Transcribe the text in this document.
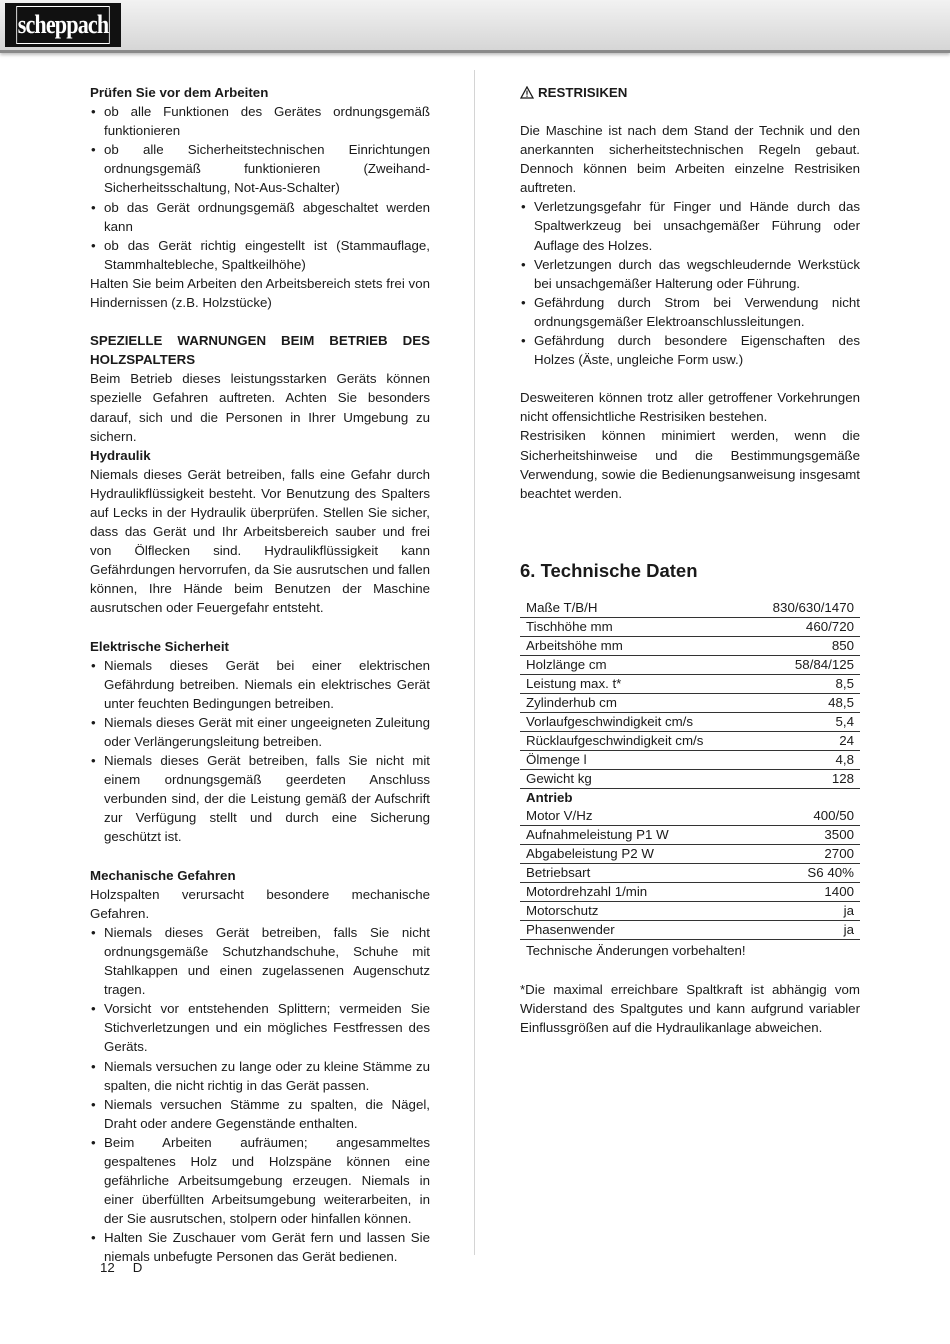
scheppach
Prüfen Sie vor dem Arbeiten
• ob alle Funktionen des Gerätes ordnungsgemäß funktionieren
• ob alle Sicherheitstechnischen Einrichtungen ordnungsgemäß funktionieren (Zweihand- Sicherheitsschaltung, Not-Aus-Schalter)
• ob das Gerät ordnungsgemäß abgeschaltet werden kann
• ob das Gerät richtig eingestellt ist (Stammauflage, Stammhaltebleche, Spaltkeilhöhe)
Halten Sie beim Arbeiten den Arbeitsbereich stets frei von Hindernissen (z.B. Holzstücke)
SPEZIELLE WARNUNGEN BEIM BETRIEB DES HOLZSPALTERS
Beim Betrieb dieses leistungsstarken Geräts können spezielle Gefahren auftreten. Achten Sie besonders darauf, sich und die Personen in Ihrer Umgebung zu sichern.
Hydraulik
Niemals dieses Gerät betreiben, falls eine Gefahr durch Hydraulikflüssigkeit besteht. Vor Benutzung des Spalters auf Lecks in der Hydraulik überprüfen. Stellen Sie sicher, dass das Gerät und Ihr Arbeitsbereich sauber und frei von Ölflecken sind. Hydraulikflüssigkeit kann Gefährdungen hervorrufen, da Sie ausrutschen und fallen können, Ihre Hände beim Benutzen der Maschine ausrutschen oder Feuergefahr entsteht.
Elektrische Sicherheit
• Niemals dieses Gerät bei einer elektrischen Gefährdung betreiben. Niemals ein elektrisches Gerät unter feuchten Bedingungen betreiben.
• Niemals dieses Gerät mit einer ungeeigneten Zuleitung oder Verlängerungsleitung betreiben.
• Niemals dieses Gerät betreiben, falls Sie nicht mit einem ordnungsgemäß geerdeten Anschluss verbunden sind, der die Leistung gemäß der Aufschrift zur Verfügung stellt und durch eine Sicherung geschützt ist.
Mechanische Gefahren
Holzspalten verursacht besondere mechanische Gefahren.
• Niemals dieses Gerät betreiben, falls Sie nicht ordnungsgemäße Schutzhandschuhe, Schuhe mit Stahlkappen und einen zugelassenen Augenschutz tragen.
• Vorsicht vor entstehenden Splittern; vermeiden Sie Stichverletzungen und ein mögliches Festfressen des Geräts.
• Niemals versuchen zu lange oder zu kleine Stämme zu spalten, die nicht richtig in das Gerät passen.
• Niemals versuchen Stämme zu spalten, die Nägel, Draht oder andere Gegenstände enthalten.
• Beim Arbeiten aufräumen; angesammeltes gespaltenes Holz und Holzspäne können eine gefährliche Arbeitsumgebung erzeugen. Niemals in einer überfüllten Arbeitsumgebung weiterarbeiten, in der Sie ausrutschen, stolpern oder hinfallen können.
• Halten Sie Zuschauer vom Gerät fern und lassen Sie niemals unbefugte Personen das Gerät bedienen.
RESTRISIKEN
Die Maschine ist nach dem Stand der Technik und den anerkannten sicherheitstechnischen Regeln gebaut. Dennoch können beim Arbeiten einzelne Restrisiken auftreten.
• Verletzungsgefahr für Finger und Hände durch das Spaltwerkzeug bei unsachgemäßer Führung oder Auflage des Holzes.
• Verletzungen durch das wegschleudernde Werkstück bei unsachgemäßer Halterung oder Führung.
• Gefährdung durch Strom bei Verwendung nicht ordnungsgemäßer Elektroanschlussleitungen.
• Gefährdung durch besondere Eigenschaften des Holzes (Äste, ungleiche Form usw.)
Desweiteren können trotz aller getroffener Vorkehrungen nicht offensichtliche Restrisiken bestehen.
Restrisiken können minimiert werden, wenn die Sicherheitshinweise und die Bestimmungsgemäße Verwendung, sowie die Bedienungsanweisung insgesamt beachtet werden.
6. Technische Daten
Maße T/B/H	830/630/1470
Tischhöhe mm	460/720
Arbeitshöhe mm	850
Holzlänge cm	58/84/125
Leistung max. t*	8,5
Zylinderhub cm	48,5
Vorlaufgeschwindigkeit cm/s	5,4
Rücklaufgeschwindigkeit cm/s	24
Ölmenge l	4,8
Gewicht kg	128
Antrieb	
Motor V/Hz	400/50
Aufnahmeleistung P1 W	3500
Abgabeleistung P2 W	2700
Betriebsart	S6 40%
Motordrehzahl 1/min	1400
Motorschutz	ja
Phasenwender	ja
Technische Änderungen vorbehalten!	
*Die maximal erreichbare Spaltkraft ist abhängig vom Widerstand des Spaltgutes und kann aufgrund variabler Einflussgrößen auf die Hydraulikanlage abweichen.
12 D
